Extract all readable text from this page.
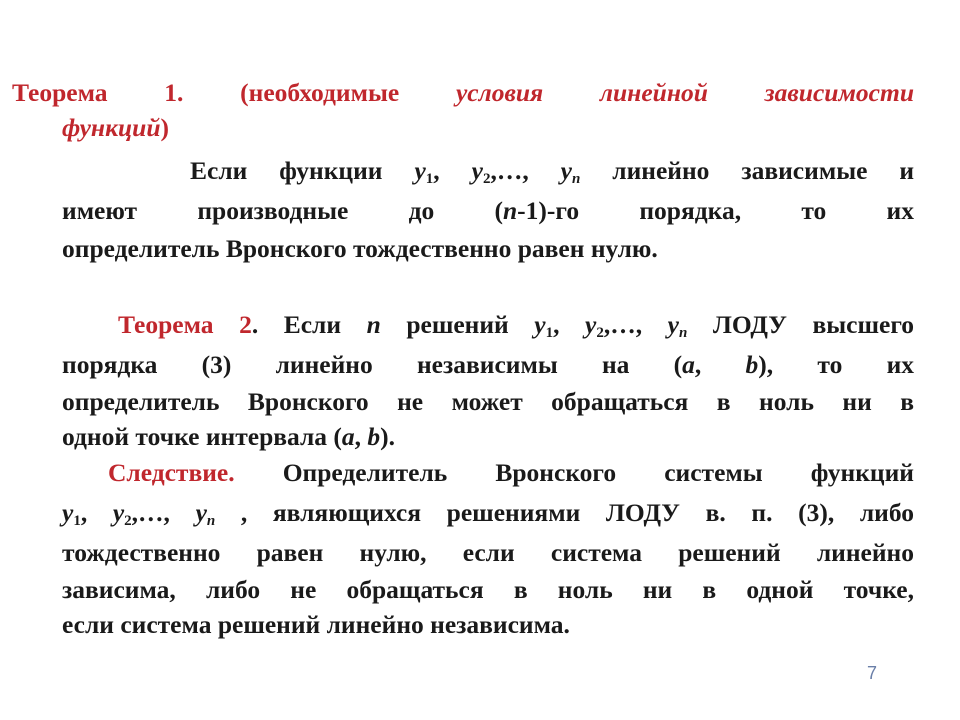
Теорема 1. (необходимые условия линейной зависимости
функций)
Если функции $y_1$, $y_2,\dots$, $y_n$ линейно зависимые и
имеют производные до (n-1)-го порядка, то их
определитель Вронского тождественно равен нулю.
Теорема 2. Если n решений $y_1$, $y_2,\dots$, $y_n$ ЛОДУ высшего
порядка (3) линейно независимы на (a, b), то их
определитель Вронского не может обращаться в ноль ни в
одной точке интервала (a, b).
Следствие. Определитель Вронского системы функций
$y_1$, $y_2,\dots$, $y_n$ , являющихся решениями ЛОДУ в. п. (3), либо
тождественно равен нулю, если система решений линейно
зависима, либо не обращаться в ноль ни в одной точке,
если система решений линейно независима.
7
